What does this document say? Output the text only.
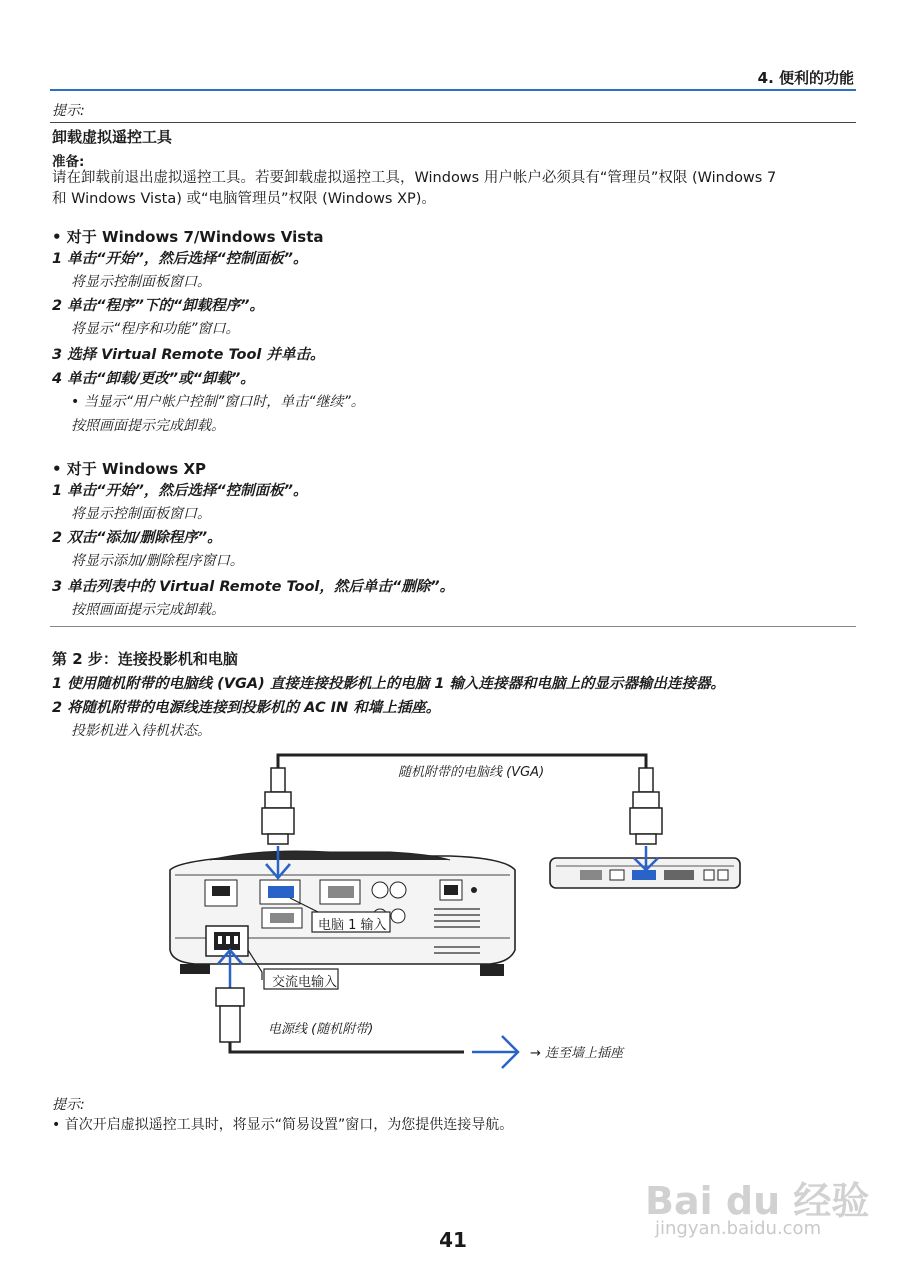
4. 便利的功能
提示:
卸载虚拟遥控工具
准备:
请在卸载前退出虚拟遥控工具。若要卸载虚拟遥控工具，Windows 用户帐户必须具有“管理员”权限 (Windows 7
和 Windows Vista) 或“电脑管理员”权限 (Windows XP)。
• 对于 Windows 7/Windows Vista
1 单击“开始”，然后选择“控制面板”。
将显示控制面板窗口。
2 单击“程序”下的“卸载程序”。
将显示“程序和功能”窗口。
3 选择 Virtual Remote Tool 并单击。
4 单击“卸载/更改”或“卸载”。
• 当显示“用户帐户控制”窗口时，单击“继续”。
按照画面提示完成卸载。
• 对于 Windows XP
1 单击“开始”，然后选择“控制面板”。
将显示控制面板窗口。
2 双击“添加/删除程序”。
将显示添加/删除程序窗口。
3 单击列表中的 Virtual Remote Tool，然后单击“删除”。
按照画面提示完成卸载。
第 2 步：连接投影机和电脑
1 使用随机附带的电脑线 (VGA) 直接连接投影机上的电脑 1 输入连接器和电脑上的显示器输出连接器。
2 将随机附带的电源线连接到投影机的 AC IN 和墙上插座。
投影机进入待机状态。
随机附带的电脑线 (VGA)
电脑 1 输入
交流电输入
电源线 (随机附带)
→ 连至墙上插座
提示:
• 首次开启虚拟遥控工具时，将显示“简易设置”窗口，为您提供连接导航。
Bai du 经验
jingyan.baidu.com
41
